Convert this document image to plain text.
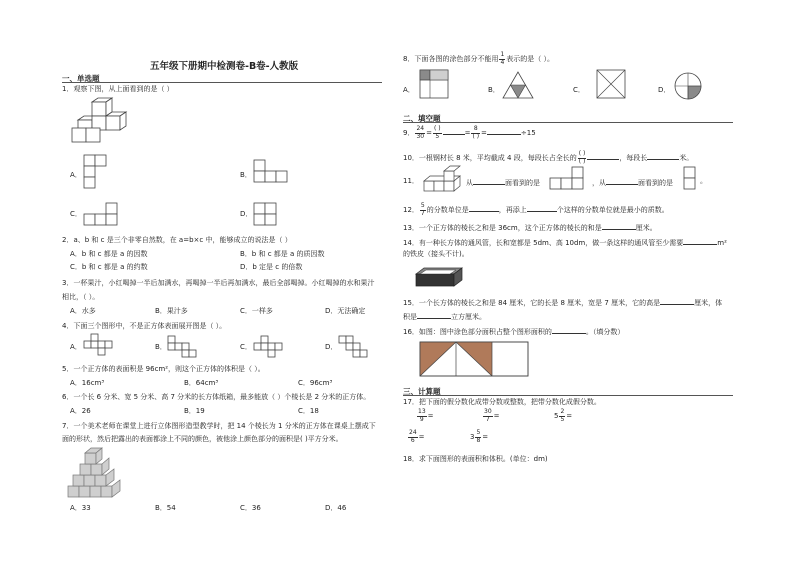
五年级下册期中检测卷-B卷-人教版
一、单选题
1．观察下图，从上面看到的是（ ）
A．	B．
C．	D．
2．a、b 和 c 是三个非零自然数，在 a=b×c 中，能够成立的说法是（ ）
A．b 和 c 都是 a 的因数	B．b 和 c 都是 a 的质因数
C．b 和 c 都是 a 的约数	D．b 定是 c 的倍数
3．一杯果汁，小红喝掉一半后加满水，再喝掉一半后再加满水，最后全部喝掉。小红喝掉的水和果汁
相比，（ ）。
A．水多	B．果汁多	C．一样多	D．无法确定
4．下面三个图形中，不是正方体表面展开图是（ ）。
A．	B．	C．	D．
5．一个正方体的表面积是 96cm²，则这个正方体的体积是（ ）。
A．16cm³	B．64cm³	C．96cm³
6．一个长 6 分米、宽 5 分米、高 7 分米的长方体纸箱，最多能放（ ）个棱长是 2 分米的正方体。
A．26	B．19	C．18
7．一个美术老师在课堂上进行立体图形造型教学时，把 14 个棱长为 1 分米的正方体在课桌上摆成下
面的形状，然后把露出的表面都涂上不同的颜色，被他涂上颜色部分的面积是( )平方分米。
A．33	B．54	C．36	D．46
8．下面各图的涂色部分不能用 $\frac{1}{4}$ 表示的是（ ）。
A．	B．	C．	D．
二、填空题
9． $\frac{24}{30} = \frac{( )}{5}$	= $\frac{8}{( )}$ =	÷15
10．一根钢材长 8 米，平均截成 4 段，每段长占全长的 $\frac{( )}{( )}$	，每段长	米。
11．	从	面看到的是	，从	面看到的是	。
12． $\frac{5}{7}$ 的分数单位是	，再添上	个这样的分数单位就是最小的质数。
13．一个正方体的棱长之和是 36cm，这个正方体的棱长的和是	厘米。
14．有一种长方体的通风管，长和宽都是 5dm、高 10dm，做一条这样的通风管至少需要	m²
的铁皮（接头不计)。
15．一个长方体的棱长之和是 84 厘米，它的长是 8 厘米，宽是 7 厘米，它的高是	厘米，体
积是	立方厘米。
16．如图：图中涂色部分面积占整个图形面积的	。（填分数）
三、计算题
17．把下面的假分数化成带分数或整数，把带分数化成假分数。
$\frac{13}{9}$ =	$\frac{30}{7}$ =	$5 \frac{2}{5}$ =
$\frac{24}{6}$ =	$3 \frac{5}{8}$ =
18．求下面图形的表面积和体积。(单位：dm)
